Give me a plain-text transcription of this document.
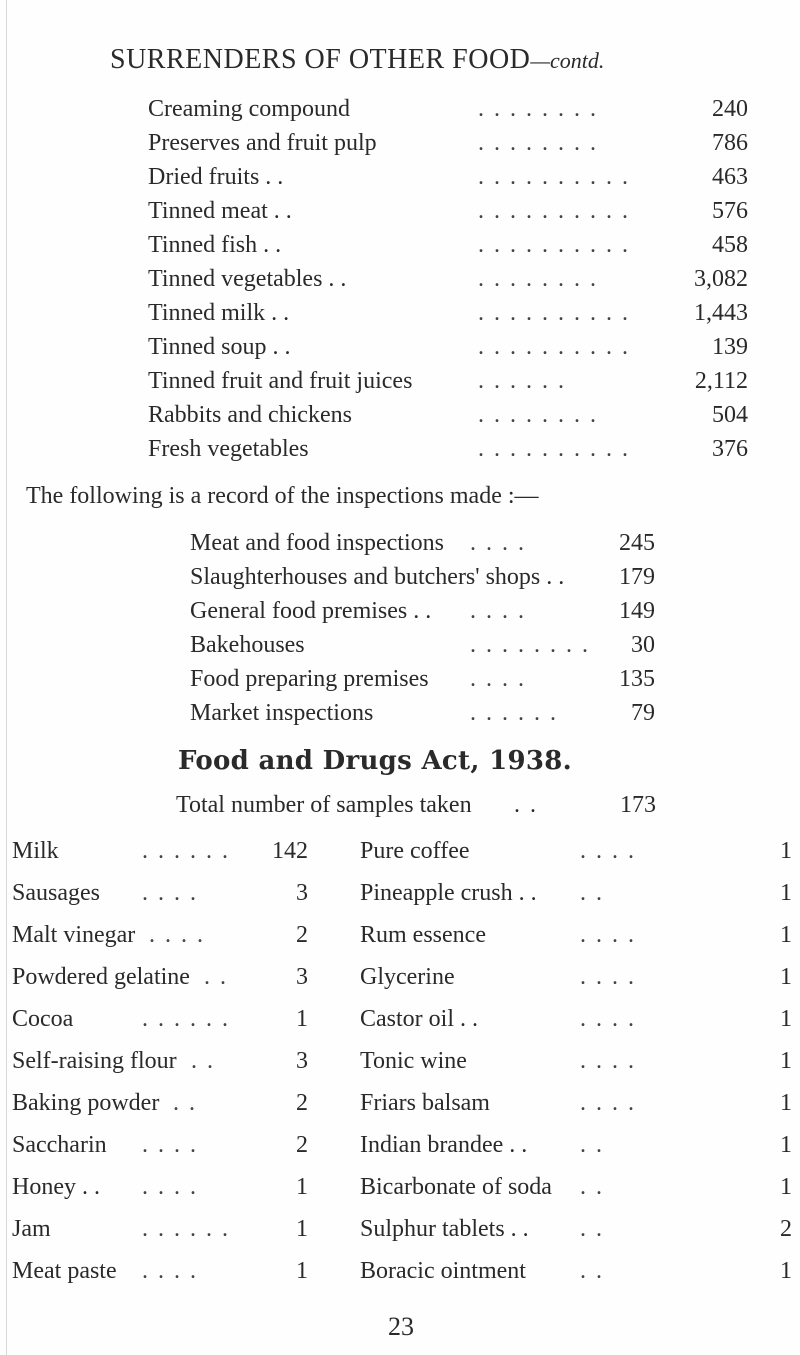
SURRENDERS OF OTHER FOOD—contd.
Creaming compound	. . . . . . . .	240
Preserves and fruit pulp	. . . . . . . .	786
Dried fruits . .	. . . . . . . . . .	463
Tinned meat . .	. . . . . . . . . .	576
Tinned fish . .	. . . . . . . . . .	458
Tinned vegetables . .	. . . . . . . .	3,082
Tinned milk . .	. . . . . . . . . .	1,443
Tinned soup . .	. . . . . . . . . .	139
Tinned fruit and fruit juices	. . . . . .	2,112
Rabbits and chickens	. . . . . . . .	504
Fresh vegetables	. . . . . . . . . .	376
The following is a record of the inspections made :—
Meat and food inspections . . . .	245
Slaughterhouses and butchers' shops . .	179
General food premises . . . . . .	149
Bakehouses	. . . . . . . .	30
Food preparing premises . . . .	135
Market inspections	. . . . . .	79
Food and Drugs Act, 1938.
Total number of samples taken . .	173
Milk	. . . . . . 142
Sausages . . . .	3
Malt vinegar . . . .	2
Powdered gelatine . .	3
Cocoa	. . . . . .	1
Self-raising flour . .	3
Baking powder . .	2
Saccharin . . . .	2
Honey . . . . . .	1
Jam	. . . . . .	1
Meat paste . . . .	1
Pure coffee	. . . .	1
Pineapple crush . . . .	1
Rum essence	. . . .	1
Glycerine	. . . .	1
Castor oil . .	. . . .	1
Tonic wine	. . . .	1
Friars balsam	. . . .	1
Indian brandee . . . .	1
Bicarbonate of soda . .	1
Sulphur tablets . . . .	2
Boracic ointment . .	1
23
